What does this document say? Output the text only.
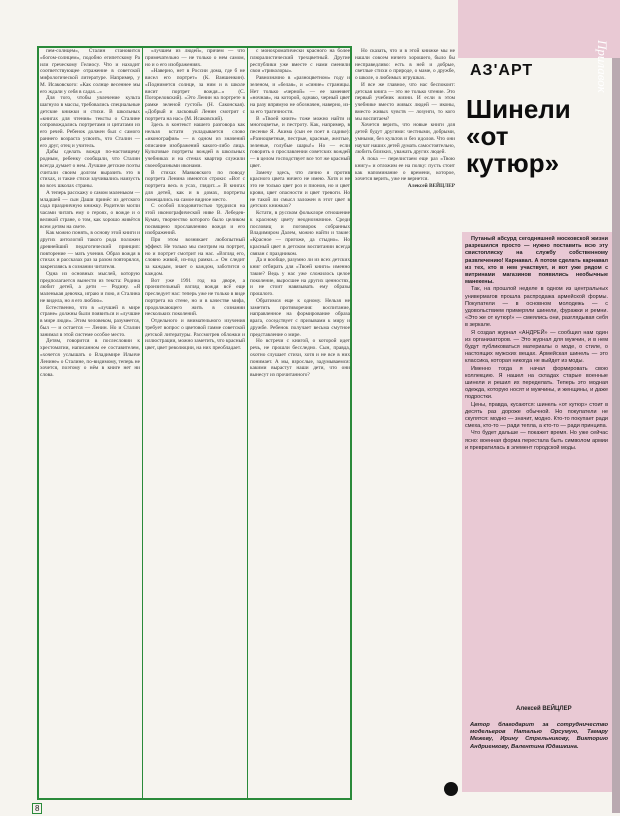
пем-солнцем», Сталин становится «богом-солнцем», подобно египетскому Ра или греческому Гелиосу. Что и находит соответствующее отражение в советской мифологической литературе. Например, у М. Исаковского: «Как солнце весеннее мы его ждали у себя в садах...»
Для того, чтобы увлечение культа шагнуло в массы, требовались специальные детские книжки и стихи. В школьных «книгах для чтения» тексты о Сталине сопровождались портретами и цитатами из его речей. Ребенок должен был с самого раннего возраста усвоить, что Сталин — его друг, отец и учитель.
Дабы сделать вождя по-настоящему родным, ребенку сообщали, что Сталин всегда думает о нем. Лучшие детские поэты считали своим долгом выразить это в стихах, и такие стихи заучивались наизусть во всех школах страны.
А теперь расскажу о самом маленьком — младшей — сын Даши принёс из детского сада праздничную книжку. Родители могли часами читать ему о героях, о вожде и о великой стране, о том, как хорошо живётся всем детям на свете.
Как можно понять, в основу этой книги и других антологий такого рода положен древнейший педагогический принцип: повторение — мать учения. Образ вождя в стихах и рассказах раз за разом повторялся, закрепляясь в сознании читателя.
Одна из основных мыслей, которую предполагается вынести из текста: Родина любит детей, а дети — Родину. «Я маленькая девочка, играю и пою, я Сталина не видела, но я его люблю».
Естественно, что в «лучшей в мире стране» должны были появиться и «лучшие в мире люди». Этим человеком, разумеется, был — и остается — Ленин. Но и Сталин занимал в этой системе особое место.
Детям, говорится в послесловии к хрестоматии, написанном ее составителем, «хочется услышать о Владимире Ильиче Ленине» о Сталине, по-видимому, теперь не хочется, поэтому о нём в книге нет ни слова.
«лучшем из людей», причем — что примечательно — не только о нем самом, но и о его изображениях.
«Наверно, нет в России дома, где б не висел его портрет» (К. Ваншенкин). «Поднимется солнце, за ним и в школе висит портрет вождя...» (С. Погореловский). «Это Ленин на портрете в рамке зеленой густой» (Н. Саконская). «Добрый и ласковый Ленин смотрит с портрета на нас» (М. Исаковский).
Здесь в контекст нашего разговора как нельзя кстати укладывается слово «иконография» — в одном из значений описание изображений какого-либо лица. Культовые портреты вождей в школьных учебниках и на стенах квартир служили своеобразными иконами.
В стихах Маяковского по поводу портрета Ленина имеются строки: «Вот с портрета весь в усах, глядит...» В книгах для детей, как и в домах, портреты помещались на самое видное место.
С особой плодовитостью трудился на этой иконографической ниве В. Лебедев-Кумач, творчество которого было целиком посвящено прославлению вождя и его изображений.
При этом возникает любопытный эффект. Не только мы смотрим на портрет, но и портрет смотрит на нас. «Взгляд его, словно живой, из-под рамки...» Он следит за каждым, знает о каждом, заботится о каждом.
Вот уже 1991 год на дворе, а пронзительный взгляд вождя всё еще преследует нас: теперь уже не только в виде портрета на стене, но и в качестве мифа, продолжающего жить в сознании нескольких поколений.
Отдельного и внимательного изучения требует вопрос о цветовой гамме советской детской литературы. Рассмотрев обложки и иллюстрации, можно заметить, что красный цвет, цвет революции, на них преобладает.
с монохроматически красного на более плюралистический трехцветный. Другие республики уже вместе с нами сменили свои «триколоры».
Равнозначно в «разноцветном» году и зеленом, и «белая», и «синие» страницы. Нет только «черной» — ее заменяет «ночная», на которой, однако, черный цвет на разу впрямую не обозначен, наверно, из-за его трагичности.
В «Твоей книге» тоже можно найти и многоцветье, и пестроту. Как, например, в песенке Я. Акима (сын ее поет в садике): «Разноцветные, пестрые, красные, желтые, зеленые, голубые шары!» Но — если говорить о прославлении советских вождей — в целом господствует все тот же красный цвет.
Замечу здесь, что лично я против красного цвета ничего не имею. Хотя и не это не только цвет роз и пионов, но и цвет крови, цвет опасности и цвет тревоги. Но не такой ли смысл заложен в этот цвет в детских книжках?
Кстати, в русском фольклоре отношение к красному цвету неоднозначное. Среди пословиц и поговорок собранных Владимиром Далем, можно найти и такие: «Красное — пригоже, да стыдно». Но красный цвет в детском воспитании всегда связан с праздником.
Да и вообще, разумно ли из всех детских книг отбирать для «Твоей книги» именно такие? Ведь у нас уже сложилось целое поколение, выросшее на других ценностях, и не стоит навязывать ему образы прошлого.
Обратимся еще к одному. Нельзя не заметить противоречия: воспитание, направленное на формирование образа врага, соседствует с призывами к миру и дружбе. Ребенок получает весьма смутное представление о мире.
Но встречи с книгой, о которой идет речь, не прошли бесследно. Сын, правда, охотно слушает стихи, хотя и не все в них понимает. А мы, взрослые, задумываемся: какими вырастут наши дети, что они вынесут из прочитанного?
Но сказать, что и в этой книжке мы не нашли совсем ничего хорошего, было бы несправедливо: есть в ней и добрые, светлые стихи о природе, о маме, о дружбе, о школе, о любимых игрушках.
И все же главное, что нас беспокоит: детская книга — это не только чтение. Это первый учебник жизни. И если в этом учебнике вместо живых людей — иконы, вместо живых чувств — лозунги, то кого мы воспитаем?
Хочется верить, что новые книги для детей будут другими: честными, добрыми, умными, без культов и без идолов. Что они научат наших детей думать самостоятельно, любить близких, уважать других людей.
А пока — перелистаем еще раз «Твою книгу» и отложим ее на полку: пусть стоит как напоминание о времени, которое, хочется верить, уже не вернется.
Алексей ВЕЙЦЛЕР
8
Прилавок
АЗ'АРТ
Шинели «от кутюр»
Путаный абсурд сегодняшней московской жизни разрешился просто — нужно поставить всю эту свистопляску на службу собственному развлечению! Карнавал. А потом сделать карнавал из тех, кто в нем участвует, и вот уже рядом с витринами магазинов появились необычные манекены.
Так, на прошлой неделе в одном из центральных универмагов прошла распродажа армейской формы. Покупатели — в основном молодежь — с удовольствием примеряли шинели, фуражки и ремни. «Это же от кутюр!» — смеялись они, разглядывая себя в зеркале.
Я создал журнал «АНДРЕЙ» — сообщил нам один из организаторов. — Это журнал для мужчин, и в нем будут публиковаться материалы о моде, о стиле, о настоящих мужских вещах. Армейская шинель — это классика, которая никогда не выйдет из моды.
Именно тогда я начал формировать свою коллекцию. Я нашел на складах старые военные шинели и решил их переделать. Теперь это модная одежда, которую носят и мужчины, и женщины, и даже подростки.
Цены, правда, кусаются: шинель «от кутюр» стоит в десять раз дороже обычной. Но покупатели не скупятся: модно — значит, модно. Кто-то покупает ради смеха, кто-то — ради тепла, а кто-то — ради принципа.
Что будет дальше — покажет время. Но уже сейчас ясно: военная форма перестала быть символом армии и превратилась в элемент городской моды.
Алексей ВЕЙЦЛЕР
Автор благодарит за сотрудничество модельеров Наталью Орсумую, Тамару Межеву, Ирину Стрельникову, Викторию Андриенкову, Валентина Юдашкина.
